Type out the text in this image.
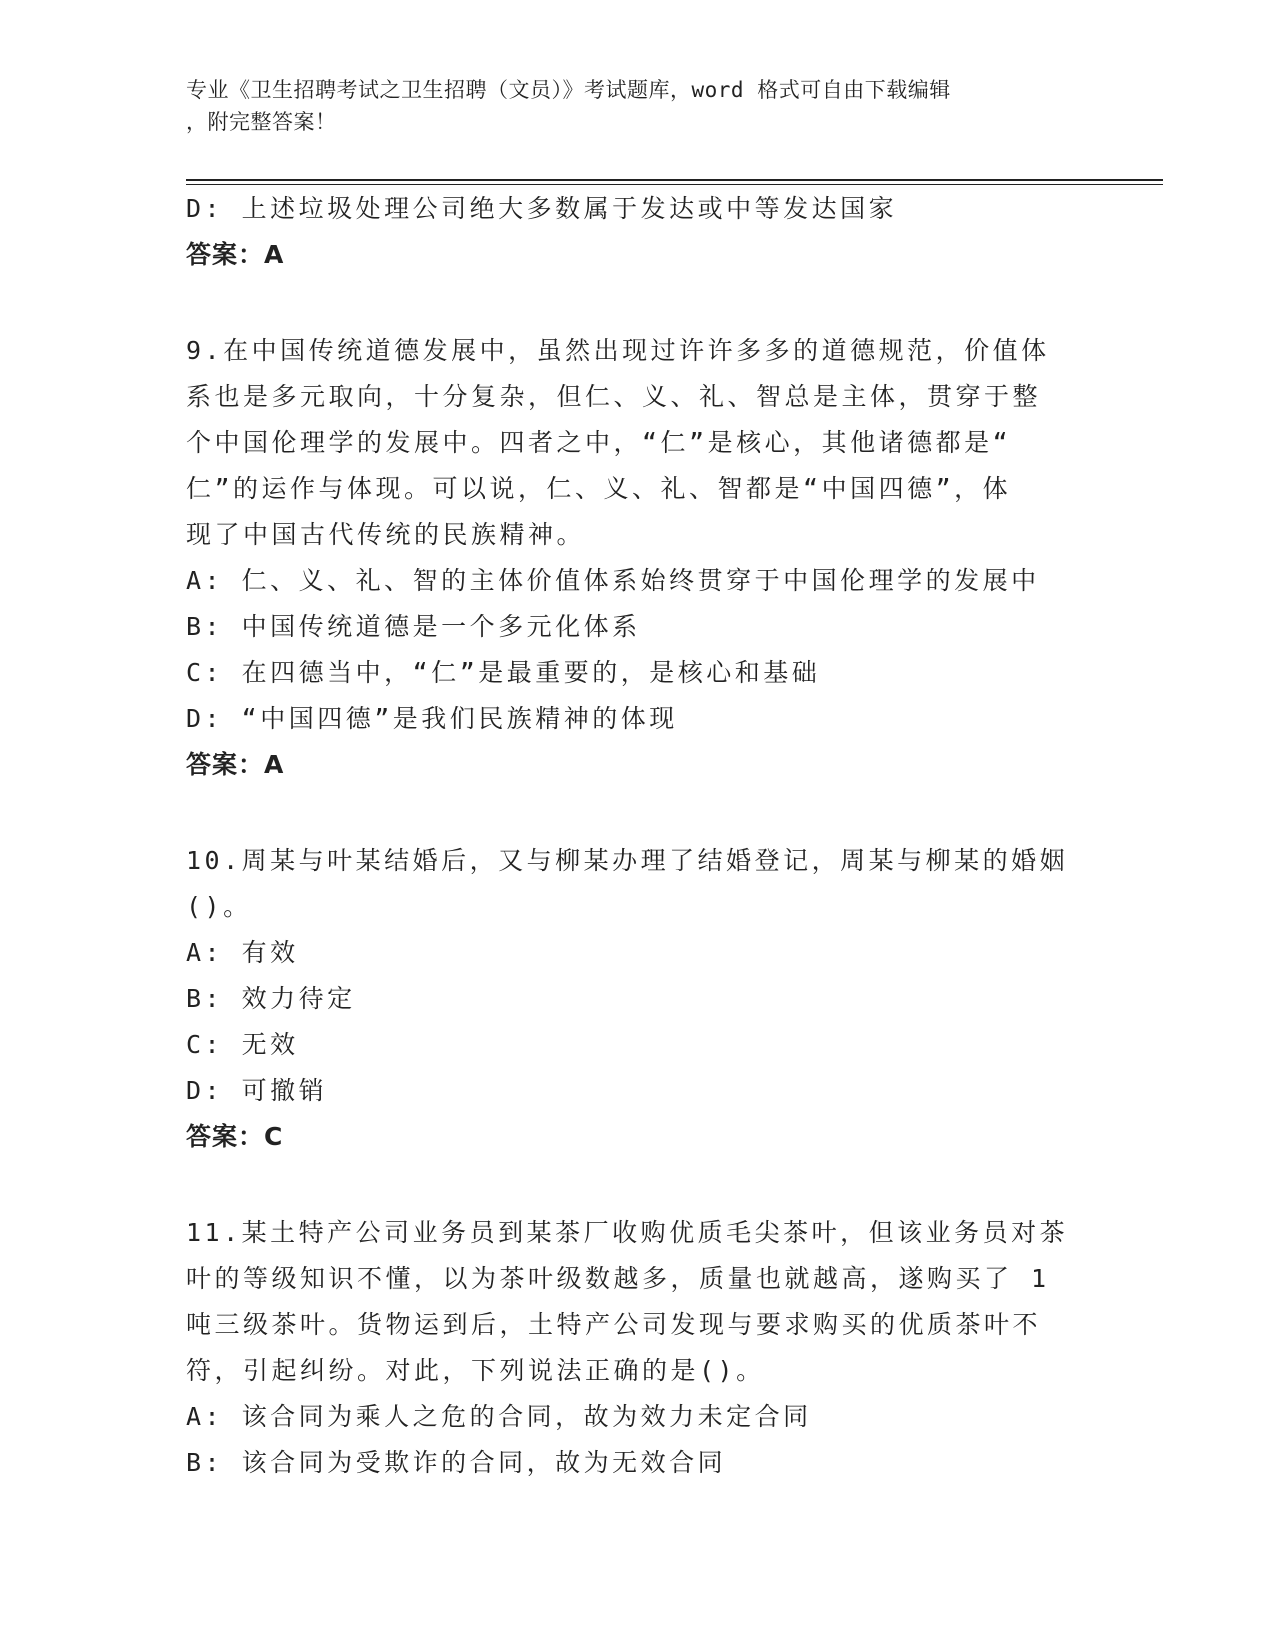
专业《卫生招聘考试之卫生招聘（文员）》考试题库，word 格式可自由下载编辑
，附完整答案！
D: 上述垃圾处理公司绝大多数属于发达或中等发达国家
答案：A
9.在中国传统道德发展中，虽然出现过许许多多的道德规范，价值体
系也是多元取向，十分复杂，但仁、义、礼、智总是主体，贯穿于整
个中国伦理学的发展中。四者之中，“仁”是核心，其他诸德都是“
仁”的运作与体现。可以说，仁、义、礼、智都是“中国四德”，体
现了中国古代传统的民族精神。
A: 仁、义、礼、智的主体价值体系始终贯穿于中国伦理学的发展中
B: 中国传统道德是一个多元化体系
C: 在四德当中，“仁”是最重要的，是核心和基础
D: “中国四德”是我们民族精神的体现
答案：A
10.周某与叶某结婚后，又与柳某办理了结婚登记，周某与柳某的婚姻
()。
A: 有效
B: 效力待定
C: 无效
D: 可撤销
答案：C
11.某土特产公司业务员到某茶厂收购优质毛尖茶叶，但该业务员对茶
叶的等级知识不懂，以为茶叶级数越多，质量也就越高，遂购买了 1
吨三级茶叶。货物运到后，土特产公司发现与要求购买的优质茶叶不
符，引起纠纷。对此，下列说法正确的是()。
A: 该合同为乘人之危的合同，故为效力未定合同
B: 该合同为受欺诈的合同，故为无效合同
